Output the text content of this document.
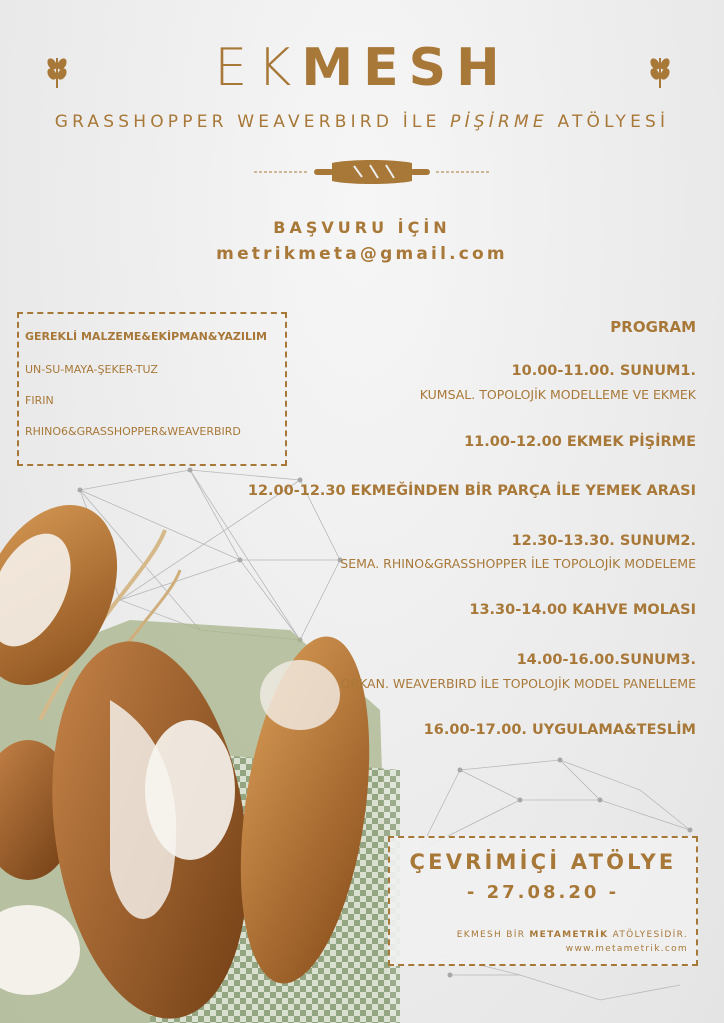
EKMESH
GRASSHOPPER WEAVERBIRD İLE PİŞİRME ATÖLYESİ
BAŞVURU İÇİN
metrikmeta@gmail.com
GEREKLİ MALZEME&EKİPMAN&YAZILIM
UN-SU-MAYA-ŞEKER-TUZ
FIRIN
RHINO6&GRASSHOPPER&WEAVERBIRD
PROGRAM
10.00-11.00. SUNUM1.
KUMSAL. TOPOLOJİK MODELLEME VE EKMEK
11.00-12.00 EKMEK PİŞİRME
12.00-12.30 EKMEĞİNDEN BİR PARÇA İLE YEMEK ARASI
12.30-13.30. SUNUM2.
SEMA. RHINO&GRASSHOPPER İLE TOPOLOJİK MODELEME
13.30-14.00 KAHVE MOLASI
14.00-16.00.SUNUM3.
ORKAN. WEAVERBIRD İLE TOPOLOJİK MODEL PANELLEME
16.00-17.00. UYGULAMA&TESLİM
ÇEVRİMİÇİ ATÖLYE
- 27.08.20 -
EKMESH BİR METAMETRİK ATÖLYESİDİR.
www.metametrik.com
